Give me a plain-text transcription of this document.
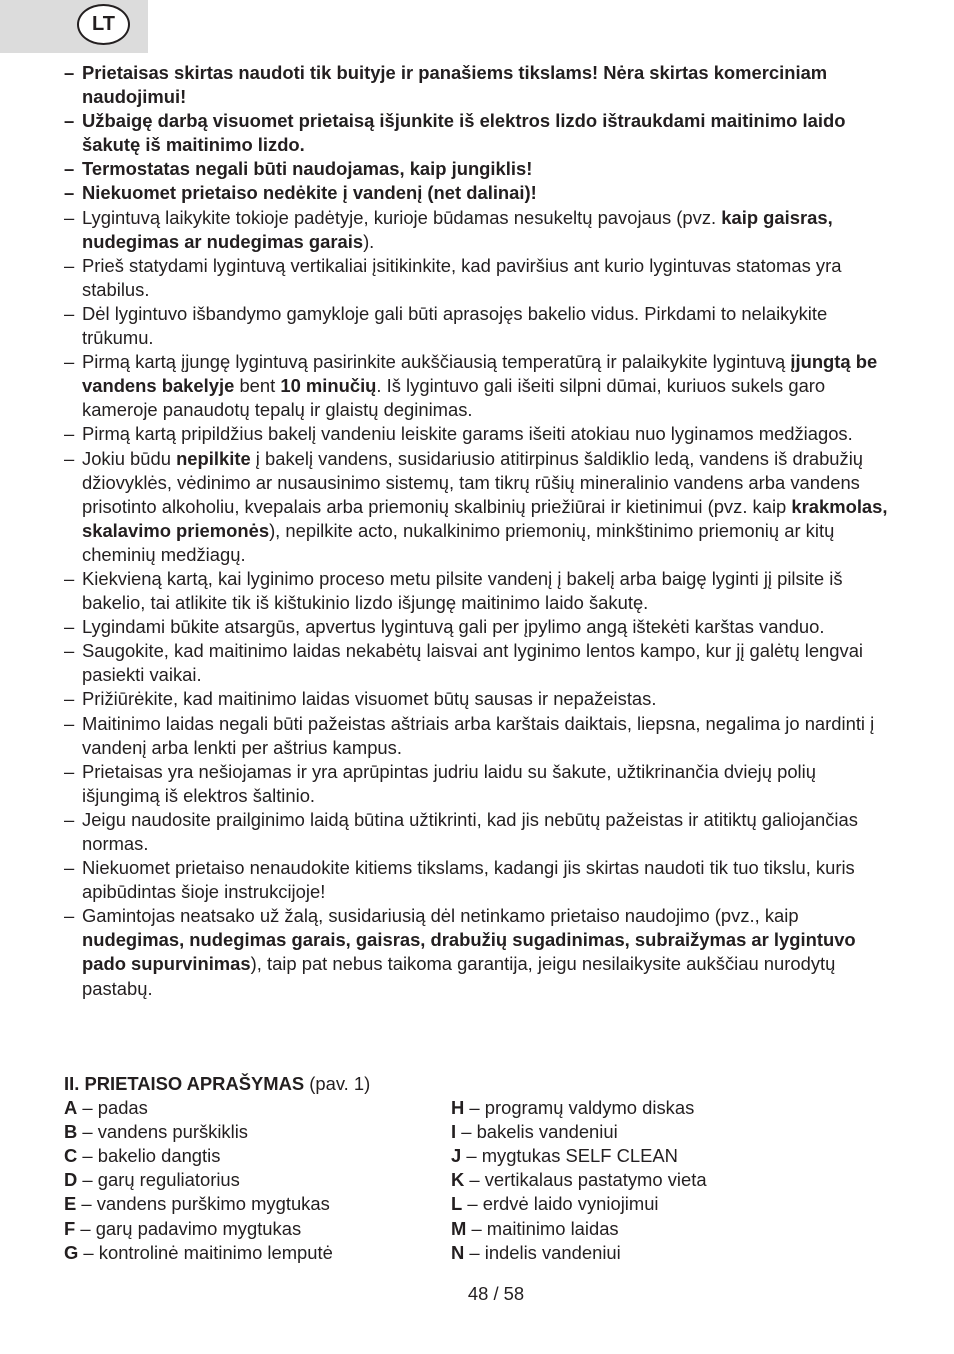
LT
– Prietaisas skirtas naudoti tik buityje ir panašiems tikslams! Nėra skirtas komerciniam naudojimui!
– Užbaigę darbą visuomet prietaisą išjunkite iš elektros lizdo ištraukdami maitinimo laido šakutę iš maitinimo lizdo.
– Termostatas negali būti naudojamas, kaip jungiklis!
– Niekuomet prietaiso nedėkite į vandenį (net dalinai)!
– Lygintuvą laikykite tokioje padėtyje, kurioje būdamas nesukeltų pavojaus (pvz. kaip gaisras, nudegimas ar nudegimas garais).
– Prieš statydami lygintuvą vertikaliai įsitikinkite, kad paviršius ant kurio lygintuvas statomas yra stabilus.
– Dėl lygintuvo išbandymo gamykloje gali būti aprasojęs bakelio vidus. Pirkdami to nelaikykite trūkumu.
– Pirmą kartą įjungę lygintuvą pasirinkite aukščiausią temperatūrą ir palaikykite lygintuvą įjungtą be vandens bakelyje bent 10 minučių. Iš lygintuvo gali išeiti silpni dūmai, kuriuos sukels garo kameroje panaudotų tepalų ir glaistų deginimas.
– Pirmą kartą pripildžius bakelį vandeniu leiskite garams išeiti atokiau nuo lyginamos medžiagos.
– Jokiu būdu nepilkite į bakelį vandens, susidariusio atitirpinus šaldiklio ledą, vandens iš drabužių džiovyklės, vėdinimo ar nusausinimo sistemų, tam tikrų rūšių mineralinio vandens arba vandens prisotinto alkoholiu, kvepalais arba priemonių skalbinių priežiūrai ir kietinimui (pvz. kaip krakmolas, skalavimo priemonės), nepilkite acto, nukalkinimo priemonių, minkštinimo priemonių ar kitų cheminių medžiagų.
– Kiekvieną kartą, kai lyginimo proceso metu pilsite vandenį į bakelį arba baigę lyginti jį pilsite iš bakelio, tai atlikite tik iš kištukinio lizdo išjungę maitinimo laido šakutę.
– Lygindami būkite atsargūs, apvertus lygintuvą gali per įpylimo angą ištekėti karštas vanduo.
– Saugokite, kad maitinimo laidas nekabėtų laisvai ant lyginimo lentos kampo, kur jį galėtų lengvai pasiekti vaikai.
– Prižiūrėkite, kad maitinimo laidas visuomet būtų sausas ir nepažeistas.
– Maitinimo laidas negali būti pažeistas aštriais arba karštais daiktais, liepsna, negalima jo nardinti į vandenį arba lenkti per aštrius kampus.
– Prietaisas yra nešiojamas ir yra aprūpintas judriu laidu su šakute, užtikrinančia dviejų polių išjungimą iš elektros šaltinio.
– Jeigu naudosite prailginimo laidą būtina užtikrinti, kad jis nebūtų pažeistas ir atitiktų galiojančias normas.
– Niekuomet prietaiso nenaudokite kitiems tikslams, kadangi jis skirtas naudoti tik tuo tikslu, kuris apibūdintas šioje instrukcijoje!
– Gamintojas neatsako už žalą, susidariusią dėl netinkamo prietaiso naudojimo (pvz., kaip nudegimas, nudegimas garais, gaisras, drabužių sugadinimas, subraižymas ar lygintuvo pado supurvinimas), taip pat nebus taikoma garantija, jeigu nesilaikysite aukščiau nurodytų pastabų.

II. PRIETAISO APRAŠYMAS (pav. 1)

A – padas	H – programų valdymo diskas
B – vandens purškiklis	I – bakelis vandeniui
C – bakelio dangtis	J – mygtukas SELF CLEAN
D – garų reguliatorius	K – vertikalaus pastatymo vieta
E – vandens purškimo mygtukas	L – erdvė laido vyniojimui
F – garų padavimo mygtukas	M – maitinimo laidas
G – kontrolinė maitinimo lemputė	N – indelis vandeniui
48 / 58
